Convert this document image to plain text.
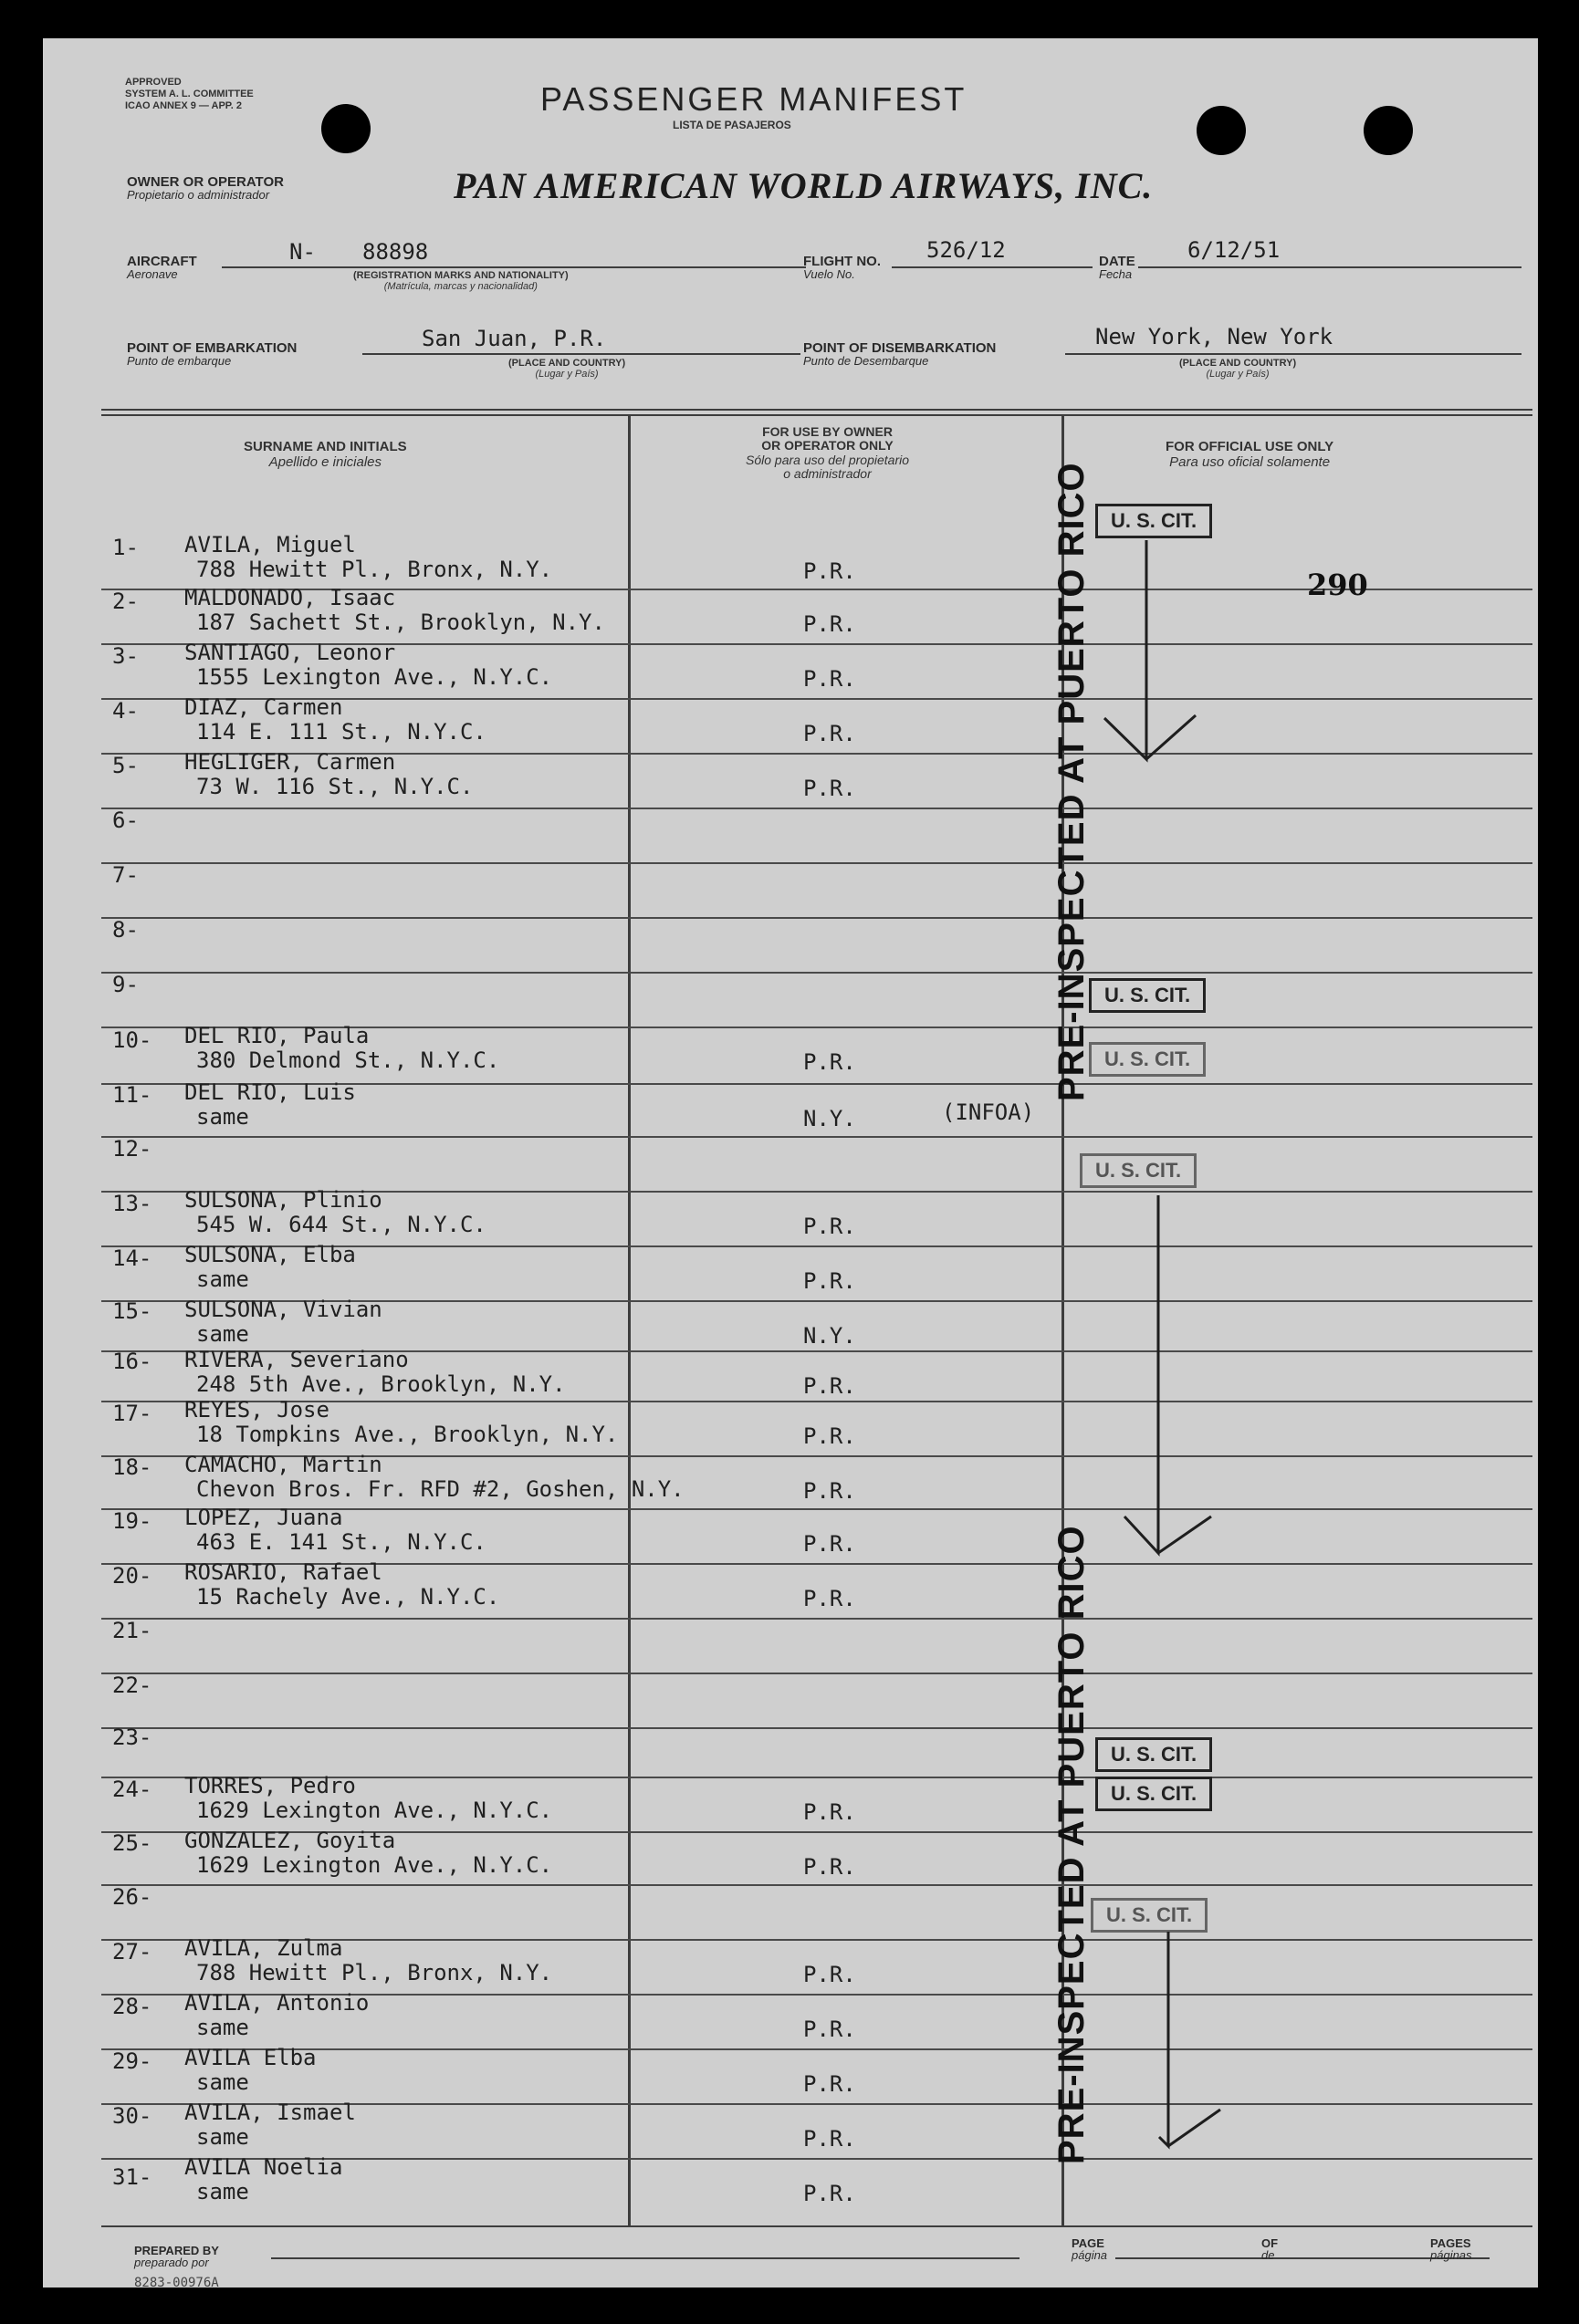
APPROVED
SYSTEM A. L. COMMITTEE
ICAO ANNEX 9 — APP. 2	PASSENGER MANIFEST
LISTA DE PASAJEROS
OWNER OR OPERATOR
Propietario o administrador	PAN AMERICAN WORLD AIRWAYS, INC.
AIRCRAFT
Aeronave
N- 88898
(REGISTRATION MARKS AND NATIONALITY)
(Matrícula, marcas y nacionalidad)
FLIGHT NO.
Vuelo No.
526/12	DATE
Fecha
6/12/51
POINT OF EMBARKATION
Punto de embarque
San Juan, P.R.
(PLACE AND COUNTRY)
(Lugar y País)
POINT OF DISEMBARKATION
Punto de Desembarque
New York, New York
(PLACE AND COUNTRY)
(Lugar y País)
SURNAME AND INITIALS
Apellido e iniciales
FOR USE BY OWNER
OR OPERATOR ONLY
Sólo para uso del propietario
o administrador
FOR OFFICIAL USE ONLY
Para uso oficial solamente
1-	AVILA, Miguel
788 Hewitt Pl., Bronx, N.Y.	P.R.
2-	MALDONADO, Isaac
187 Sachett St., Brooklyn, N.Y.	P.R.
3-	SANTIAGO, Leonor
1555 Lexington Ave., N.Y.C.	P.R.
4-	DIAZ, Carmen
114 E. 111 St., N.Y.C.	P.R.
5-	HEGLIGER, Carmen
73 W. 116 St., N.Y.C.	P.R.
6-
7-
8-
9-
10-	DEL RIO, Paula
380 Delmond St., N.Y.C.	P.R.
11-	DEL RIO, Luis
same	N.Y.	(INFOA)
12-
13-	SULSONA, Plinio
545 W. 644 St., N.Y.C.	P.R.
14-	SULSONA, Elba
same	P.R.
15-	SULSONA, Vivian
same	N.Y.
16-	RIVERA, Severiano
248 5th Ave., Brooklyn, N.Y.	P.R.
17-	REYES, Jose
18 Tompkins Ave., Brooklyn, N.Y.	P.R.
18-	CAMACHO, Martin
Chevon Bros. Fr. RFD #2, Goshen, N.Y.	P.R.
19-	LOPEZ, Juana
463 E. 141 St., N.Y.C.	P.R.
20-	ROSARIO, Rafael
15 Rachely Ave., N.Y.C.	P.R.
21-
22-
23-
24-	TORRES, Pedro
1629 Lexington Ave., N.Y.C.	P.R.
25-	GONZALEZ, Goyita
1629 Lexington Ave., N.Y.C.	P.R.
26-
27-	AVILA, Zulma
788 Hewitt Pl., Bronx, N.Y.	P.R.
28-	AVILA, Antonio
same	P.R.
29-	AVILA Elba
same	P.R.
30-	AVILA, Ismael
same	P.R.
31-	AVILA Noelia
same	P.R.
PRE-INSPECTED AT PUERTO RICO
PRE-INSPECTED AT PUERTO RICO
U. S. CIT.
U. S. CIT.
U. S. CIT.
U. S. CIT.
U. S. CIT.
U. S. CIT.
U. S. CIT.
290
PREPARED BY
preparado por
PAGE
página
OF
de
PAGES
páginas
8283-00976A
